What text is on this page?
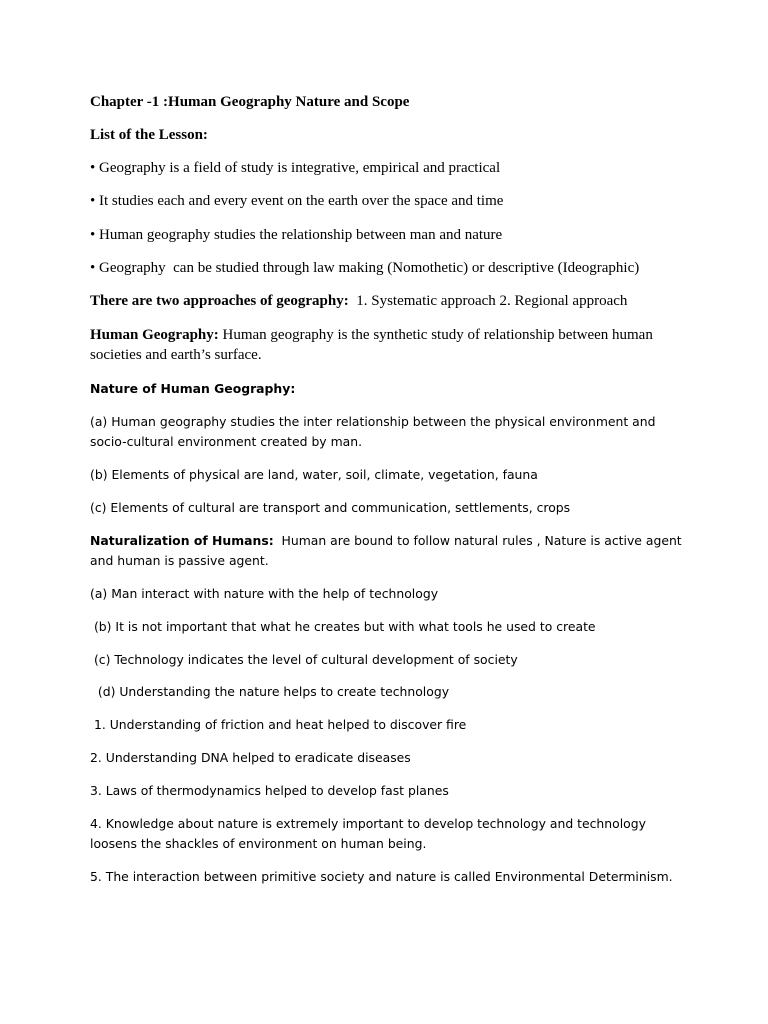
Chapter -1 :Human Geography Nature and Scope

List of the Lesson:

• Geography is a field of study is integrative, empirical and practical

• It studies each and every event on the earth over the space and time

• Human geography studies the relationship between man and nature

• Geography  can be studied through law making (Nomothetic) or descriptive (Ideographic)

There are two approaches of geography:  1. Systematic approach 2. Regional approach

Human Geography: Human geography is the synthetic study of relationship between human societies and earth’s surface.

Nature of Human Geography:

(a) Human geography studies the inter relationship between the physical environment and socio-cultural environment created by man.

(b) Elements of physical are land, water, soil, climate, vegetation, fauna

(c) Elements of cultural are transport and communication, settlements, crops

Naturalization of Humans:  Human are bound to follow natural rules , Nature is active agent and human is passive agent.

(a) Man interact with nature with the help of technology

(b) It is not important that what he creates but with what tools he used to create

(c) Technology indicates the level of cultural development of society

(d) Understanding the nature helps to create technology

1. Understanding of friction and heat helped to discover fire

2. Understanding DNA helped to eradicate diseases

3. Laws of thermodynamics helped to develop fast planes

4. Knowledge about nature is extremely important to develop technology and technology loosens the shackles of environment on human being.

5. The interaction between primitive society and nature is called Environmental Determinism.
